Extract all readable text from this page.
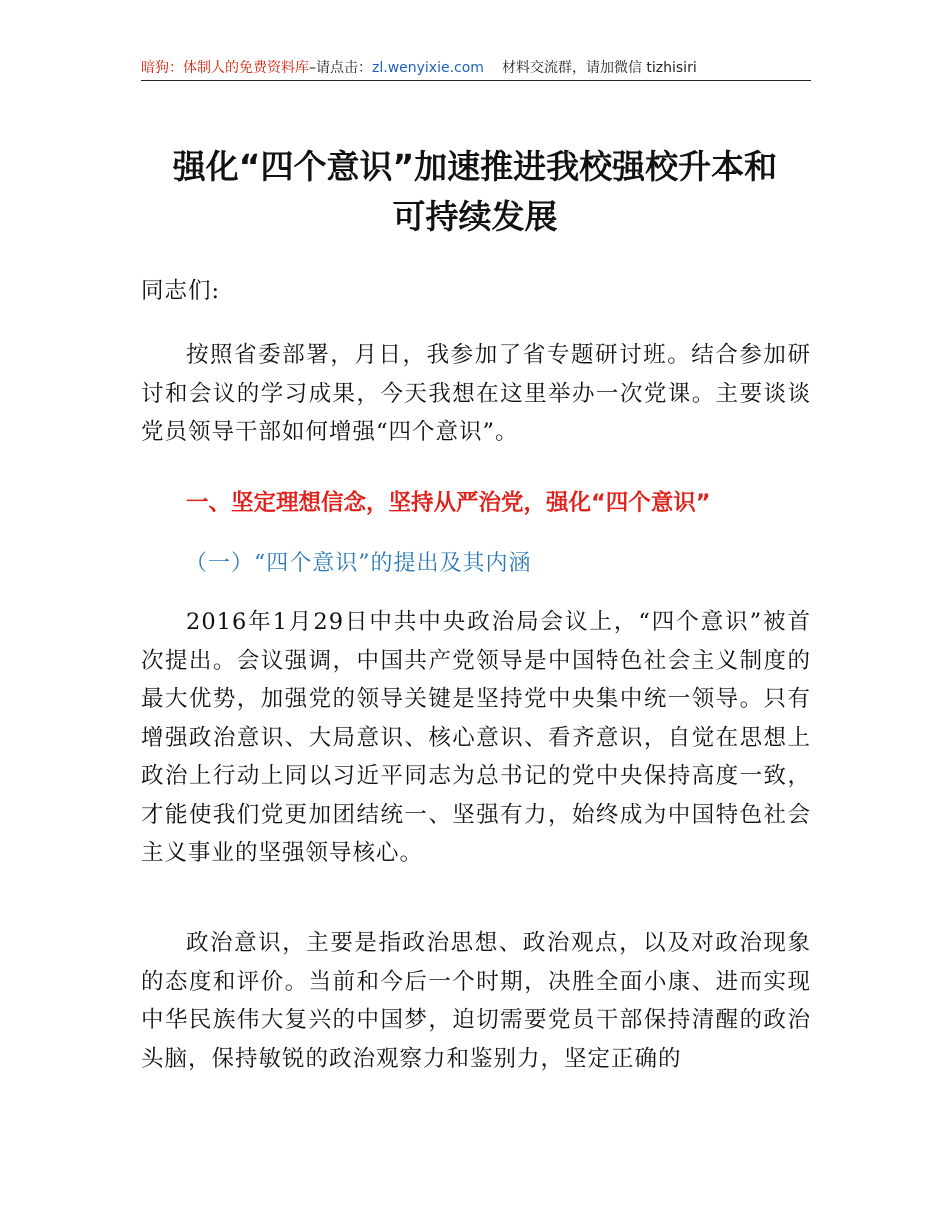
暗狗：体制人的免费资料库–请点击：zl.wenyixie.com 材料交流群，请加微信 tizhisiri
强化“四个意识”加速推进我校强校升本和
可持续发展
同志们:
按照省委部署，月日，我参加了省专题研讨班。结合参加研讨和会议的学习成果，今天我想在这里举办一次党课。主要谈谈党员领导干部如何增强“四个意识”。
一、坚定理想信念，坚持从严治党，强化“四个意识”
（一）“四个意识”的提出及其内涵
2016年1月29日中共中央政治局会议上，“四个意识”被首次提出。会议强调，中国共产党领导是中国特色社会主义制度的最大优势，加强党的领导关键是坚持党中央集中统一领导。只有增强政治意识、大局意识、核心意识、看齐意识，自觉在思想上政治上行动上同以习近平同志为总书记的党中央保持高度一致，才能使我们党更加团结统一、坚强有力，始终成为中国特色社会主义事业的坚强领导核心。
政治意识，主要是指政治思想、政治观点，以及对政治现象的态度和评价。当前和今后一个时期，决胜全面小康、进而实现中华民族伟大复兴的中国梦，迫切需要党员干部保持清醒的政治头脑，保持敏锐的政治观察力和鉴别力，坚定正确的
